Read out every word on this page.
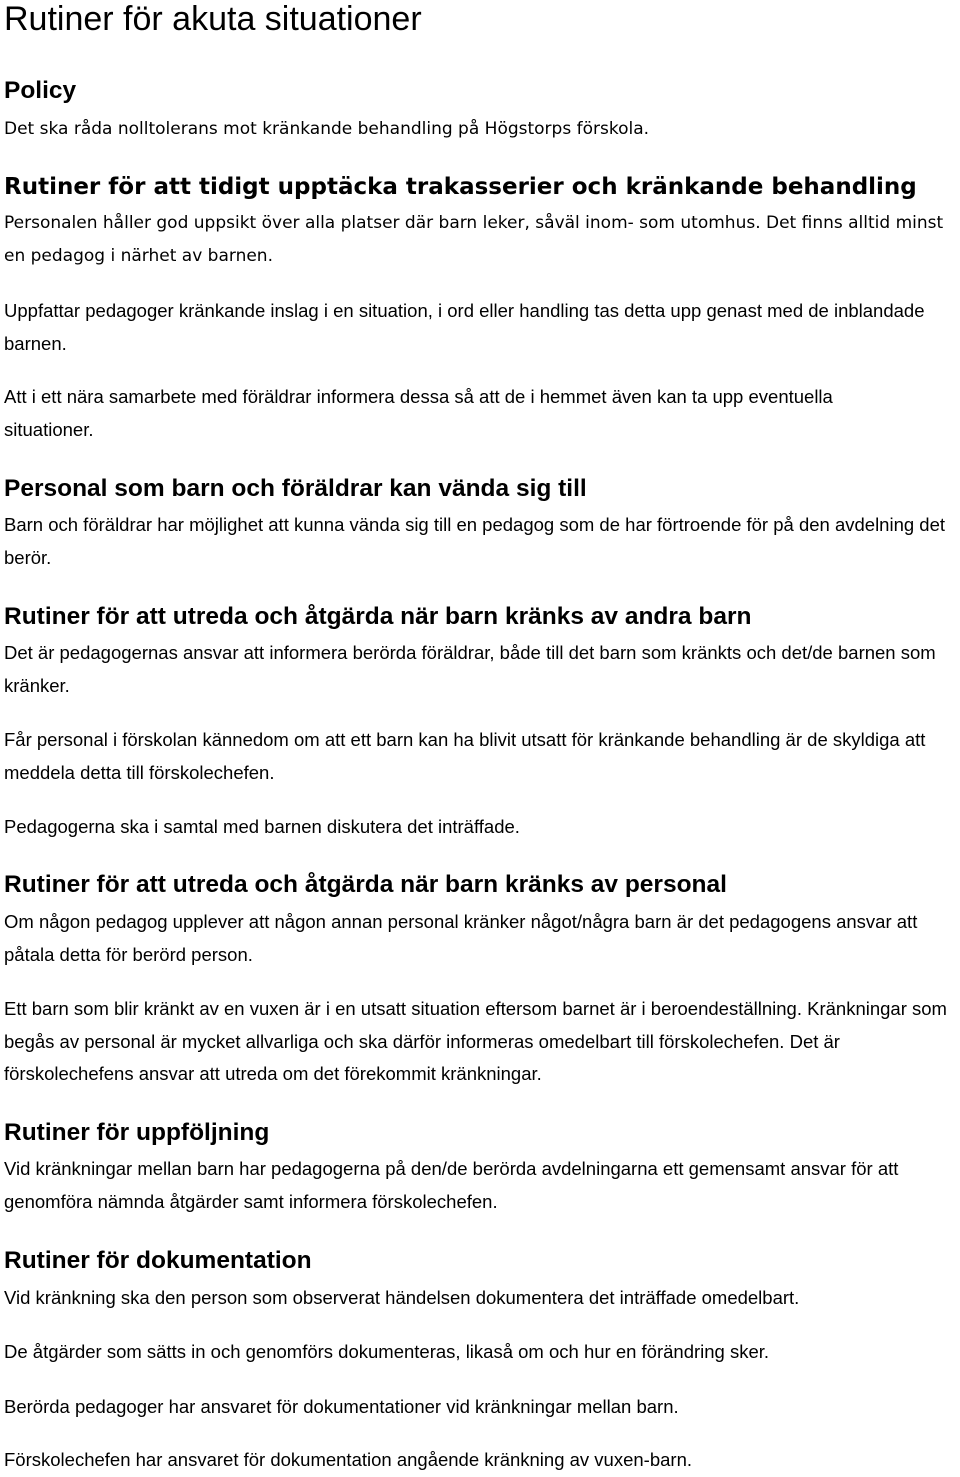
Rutiner för akuta situationer
Policy

Det ska råda nolltolerans mot kränkande behandling på Högstorps förskola.

Rutiner för att tidigt upptäcka trakasserier och kränkande behandling

Personalen håller god uppsikt över alla platser där barn leker, såväl inom- som utomhus. Det finns alltid minst en pedagog i närhet av barnen.

Uppfattar pedagoger kränkande inslag i en situation, i ord eller handling tas detta upp genast med de inblandade barnen.

Att i ett nära samarbete med föräldrar informera dessa så att de i hemmet även kan ta upp eventuella situationer.

Personal som barn och föräldrar kan vända sig till

Barn och föräldrar har möjlighet att kunna vända sig till en pedagog som de har förtroende för på den avdelning det berör.

Rutiner för att utreda och åtgärda när barn kränks av andra barn

Det är pedagogernas ansvar att informera berörda föräldrar, både till det barn som kränkts och det/de barnen som kränker.

Får personal i förskolan kännedom om att ett barn kan ha blivit utsatt för kränkande behandling är de skyldiga att meddela detta till förskolechefen.

Pedagogerna ska i samtal med barnen diskutera det inträffade.

Rutiner för att utreda och åtgärda när barn kränks av personal

Om någon pedagog upplever att någon annan personal kränker något/några barn är det pedagogens ansvar att påtala detta för berörd person.

Ett barn som blir kränkt av en vuxen är i en utsatt situation eftersom barnet är i beroendeställning. Kränkningar som begås av personal är mycket allvarliga och ska därför informeras omedelbart till förskolechefen. Det är förskolechefens ansvar att utreda om det förekommit kränkningar.

Rutiner för uppföljning

Vid kränkningar mellan barn har pedagogerna på den/de berörda avdelningarna ett gemensamt ansvar för att genomföra nämnda åtgärder samt informera förskolechefen.

Rutiner för dokumentation

Vid kränkning ska den person som observerat händelsen dokumentera det inträffade omedelbart.

De åtgärder som sätts in och genomförs dokumenteras, likaså om och hur en förändring sker.

Berörda pedagoger har ansvaret för dokumentationer vid kränkningar mellan barn.

Förskolechefen har ansvaret för dokumentation angående kränkning av vuxen-barn.
